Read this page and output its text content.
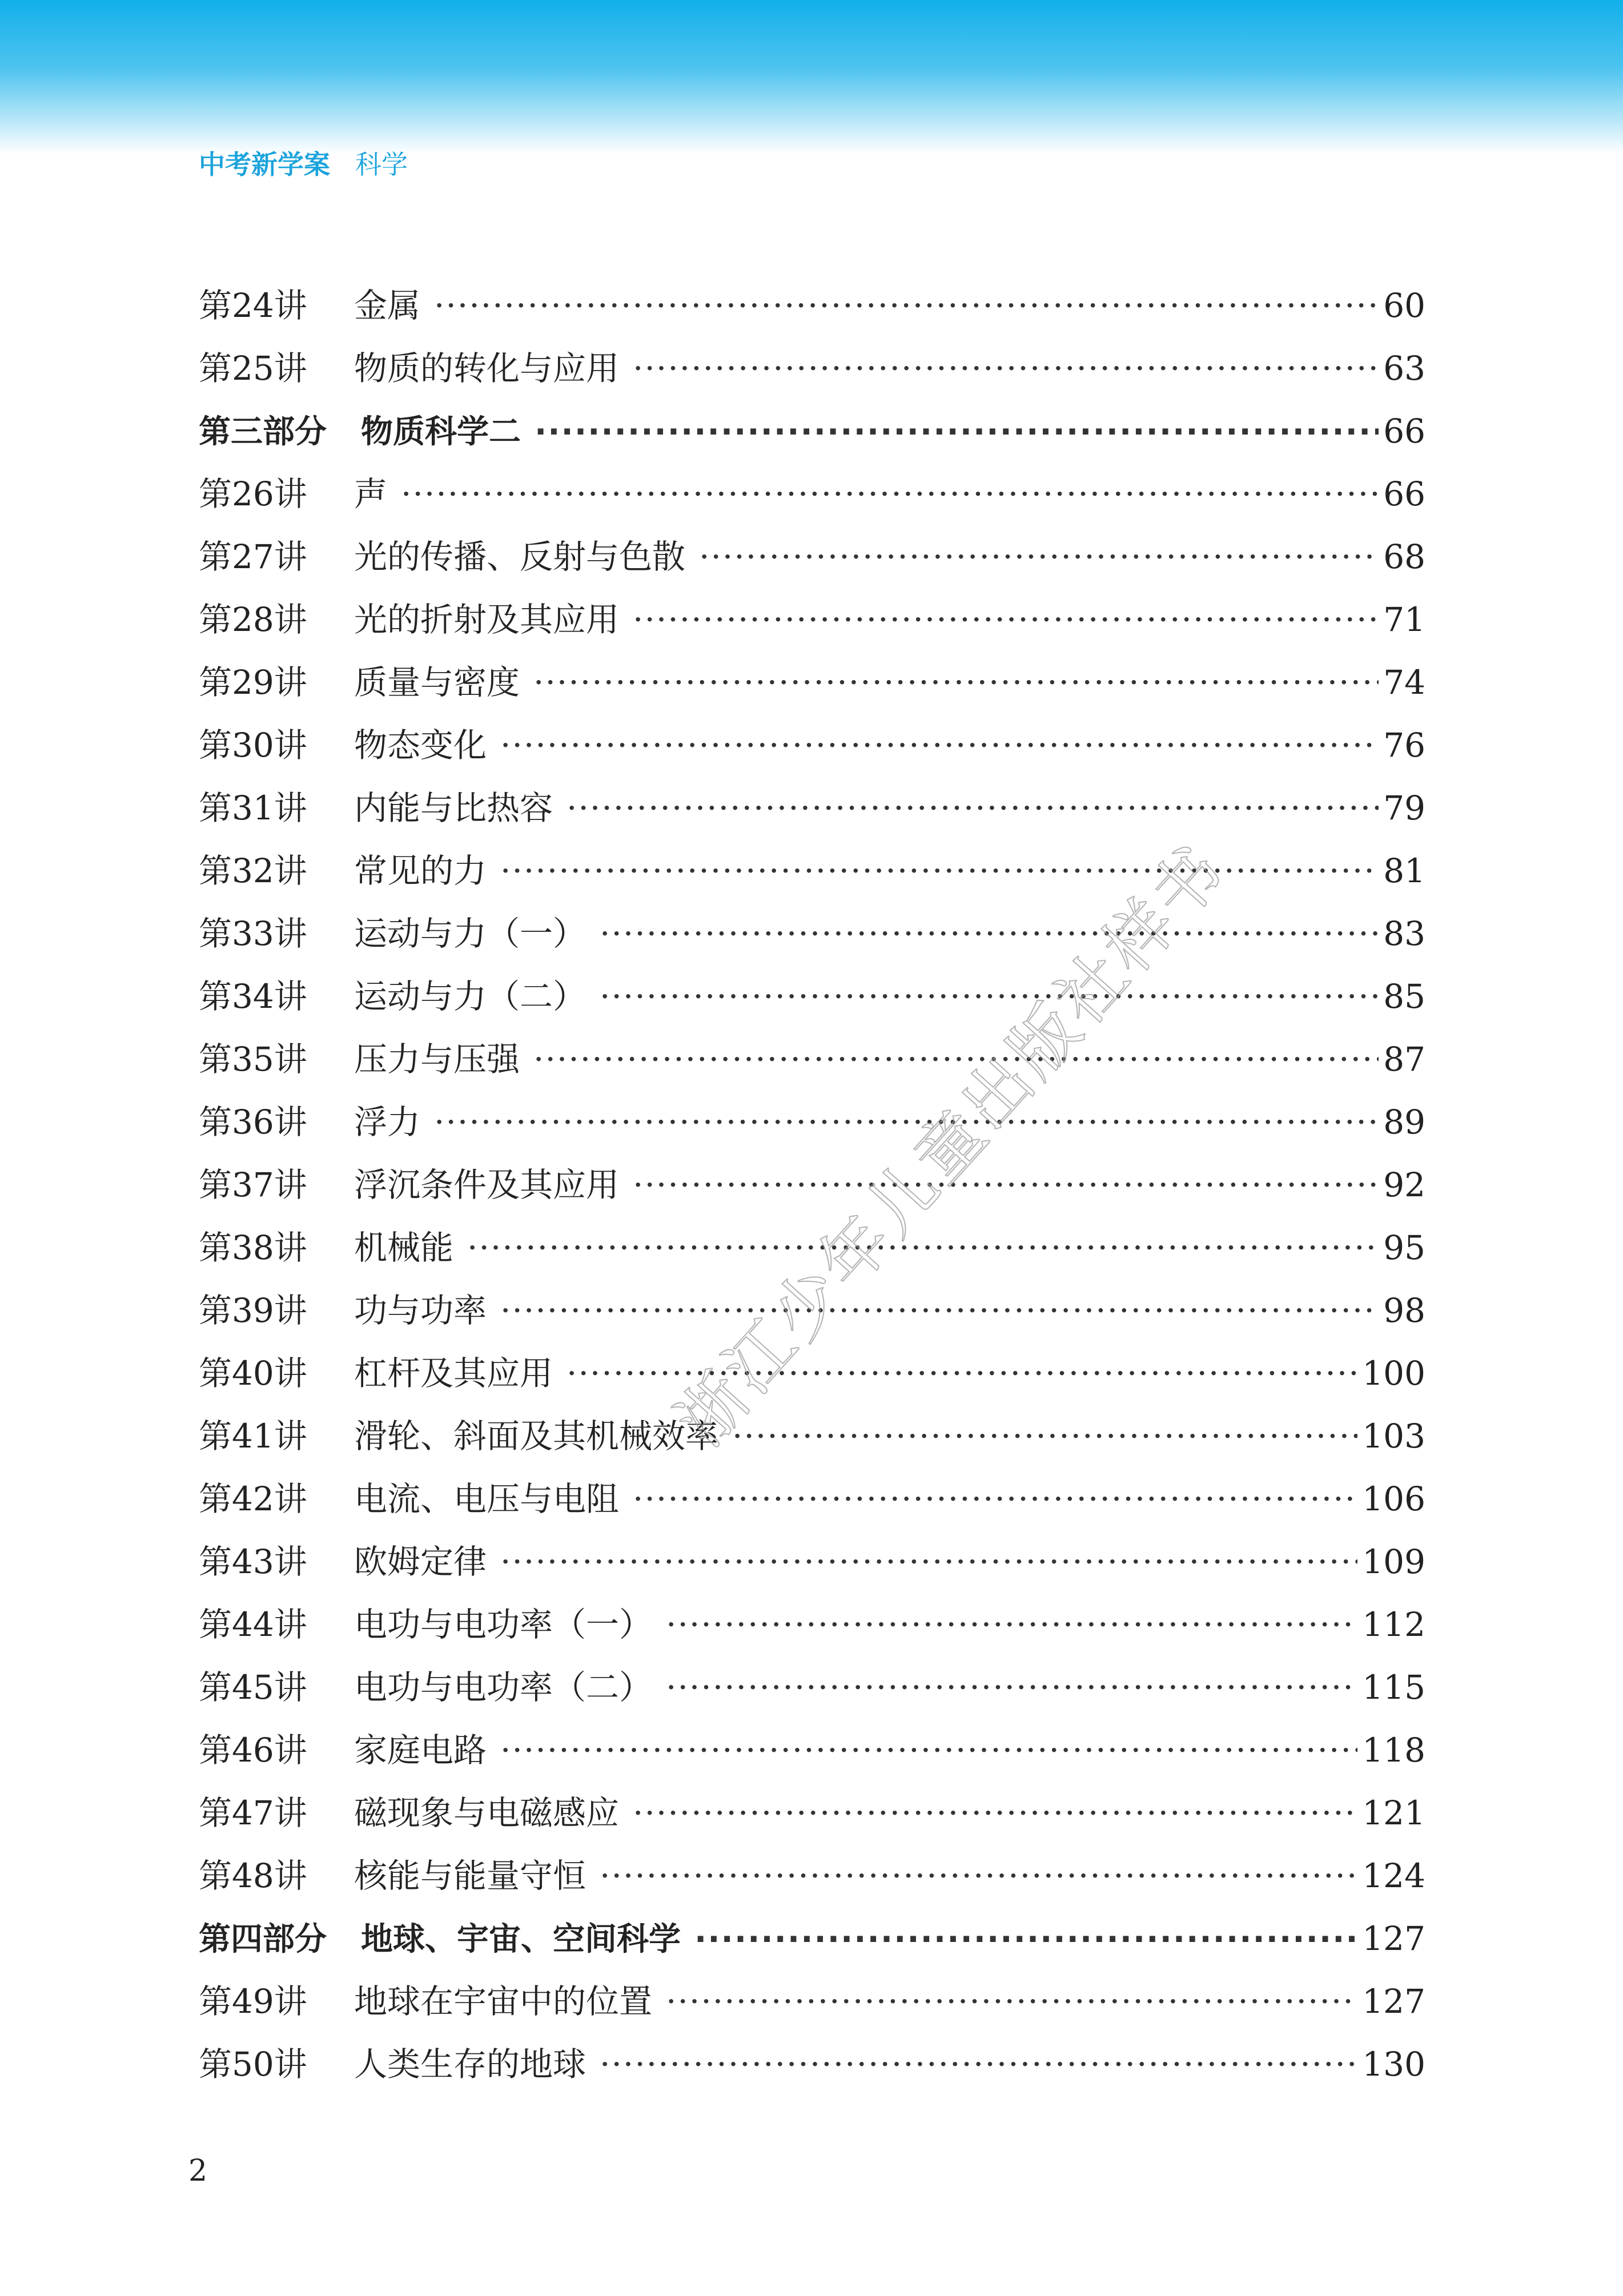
中考新学案 科学
第24讲	金属 ·····	60
第25讲	物质的转化与应用 ·····	63
第三部分 物质科学二 ·····	66
第26讲	声 ·····	66
第27讲	光的传播、反射与色散 ·····	68
第28讲	光的折射及其应用 ·····	71
第29讲	质量与密度 ·····	74
第30讲	物态变化 ·····	76
第31讲	内能与比热容 ·····	79
第32讲	常见的力 ·····	81
第33讲	运动与力（一） ·····	83
第34讲	运动与力（二） ·····	85
第35讲	压力与压强 ·····	87
第36讲	浮力 ·····	89
第37讲	浮沉条件及其应用 ·····	92
第38讲	机械能 ·····	95
第39讲	功与功率 ·····	98
第40讲	杠杆及其应用 ·····	100
第41讲	滑轮、斜面及其机械效率 ·····	103
第42讲	电流、电压与电阻 ·····	106
第43讲	欧姆定律 ·····	109
第44讲	电功与电功率（一） ·····	112
第45讲	电功与电功率（二） ·····	115
第46讲	家庭电路 ·····	118
第47讲	磁现象与电磁感应 ·····	121
第48讲	核能与能量守恒 ·····	124
第四部分 地球、宇宙、空间科学 ·····	127
第49讲	地球在宇宙中的位置 ·····	127
第50讲	人类生存的地球 ·····	130
浙江少年儿童出版社样书
2
